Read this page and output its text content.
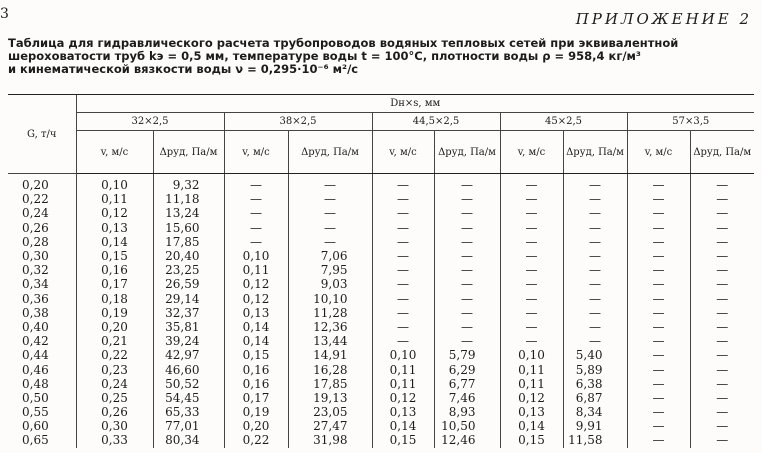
3	ПРИЛОЖЕНИЕ 2
Таблица для гидравлического расчета трубопроводов водяных тепловых сетей при эквивалентной
шероховатости труб kэ = 0,5 мм, температуре воды t = 100°C, плотности воды ρ = 958,4 кг/м³
и кинематической вязкости воды ν = 0,295·10⁻⁶ м²/с

G, т/ч	Dн×s, мм									
	32×2,5		38×2,5		44,5×2,5		45×2,5		57×3,5	
	v, м/с	Δpуд, Па/м	v, м/с	Δpуд, Па/м	v, м/с	Δpуд, Па/м	v, м/с	Δpуд, Па/м	v, м/с	Δpуд, Па/м
0,20	0,10	9,32	—	—	—	—	—	—	—	—
0,22	0,11	11,18	—	—	—	—	—	—	—	—
0,24	0,12	13,24	—	—	—	—	—	—	—	—
0,26	0,13	15,60	—	—	—	—	—	—	—	—
0,28	0,14	17,85	—	—	—	—	—	—	—	—
0,30	0,15	20,40	0,10	7,06	—	—	—	—	—	—
0,32	0,16	23,25	0,11	7,95	—	—	—	—	—	—
0,34	0,17	26,59	0,12	9,03	—	—	—	—	—	—
0,36	0,18	29,14	0,12	10,10	—	—	—	—	—	—
0,38	0,19	32,37	0,13	11,28	—	—	—	—	—	—
0,40	0,20	35,81	0,14	12,36	—	—	—	—	—	—
0,42	0,21	39,24	0,14	13,44	—	—	—	—	—	—
0,44	0,22	42,97	0,15	14,91	0,10	5,79	0,10	5,40	—	—
0,46	0,23	46,60	0,16	16,28	0,11	6,29	0,11	5,89	—	—
0,48	0,24	50,52	0,16	17,85	0,11	6,77	0,11	6,38	—	—
0,50	0,25	54,45	0,17	19,13	0,12	7,46	0,12	6,87	—	—
0,55	0,26	65,33	0,19	23,05	0,13	8,93	0,13	8,34	—	—
0,60	0,30	77,01	0,20	27,47	0,14	10,50	0,14	9,91	—	—
0,65	0,33	80,34	0,22	31,98	0,15	12,46	0,15	11,58	—	—
